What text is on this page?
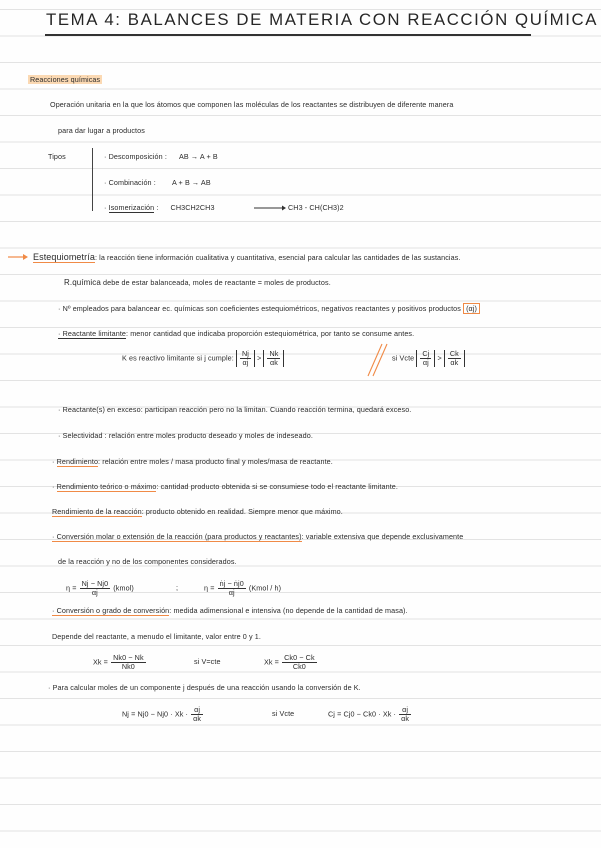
TEMA 4: BALANCES DE MATERIA CON REACCIÓN QUÍMICA
Reacciones químicas
Operación unitaria en la que los átomos que componen las moléculas de los reactantes se distribuyen de diferente manera
para dar lugar a productos
Tipos	· Descomposición : AB → A + B
· Combinación : A + B → AB
· Isomerización : CH3CH2CH3 → CH3 - CH(CH3)2
Estequiometría: la reacción tiene información cualitativa y cuantitativa, esencial para calcular las cantidades de las sustancias.
R.química debe de estar balanceada, moles de reactante = moles de productos.
· Nº empleados para balancear ec. químicas son coeficientes estequiométricos, negativos reactantes y positivos productos (αj)
· Reactante limitante: menor cantidad que indicaba proporción estequiométrica, por tanto se consume antes.
K es reactivo limitante si j cumple: $\frac{Nj}{\alpha j} > \frac{Nk}{\alpha k}$	si Vcte $\frac{Cj}{\alpha j} > \frac{Ck}{\alpha k}$
· Reactante(s) en exceso: participan reacción pero no la limitan. Cuando reacción termina, quedará exceso.
· Selectividad : relación entre moles producto deseado y moles de indeseado.
· Rendimiento: relación entre moles / masa producto final y moles/masa de reactante.
· Rendimiento teórico o máximo: cantidad producto obtenida si se consumiese todo el reactante limitante.
Rendimiento de la reacción: producto obtenido en realidad. Siempre menor que máximo.
· Conversión molar o extensión de la reacción (para productos y reactantes): variable extensiva que depende exclusivamente
de la reacción y no de los componentes considerados.
$\eta = \frac{Nj - Nj0}{\alpha j}$ (kmol)	;	$\eta = \frac{\text{ṅj − ṅj0}}{\alpha j}$ (Kmol / h)
· Conversión o grado de conversión: medida adimensional e intensiva (no depende de la cantidad de masa).
Depende del reactante, a menudo el limitante, valor entre 0 y 1.
$Xk = \frac{Nk0 - Nk}{Nk0}$	si V=cte	$Xk = \frac{Ck0 - Ck}{Ck0}$
· Para calcular moles de un componente j después de una reacción usando la conversión de K.
$Nj = Nj0 - Nj0 \cdot Xk \cdot \frac{\alpha j}{\alpha k}$	si Vcte	$Cj = Cj0 - Ck0 \cdot Xk \cdot \frac{\alpha j}{\alpha k}$
